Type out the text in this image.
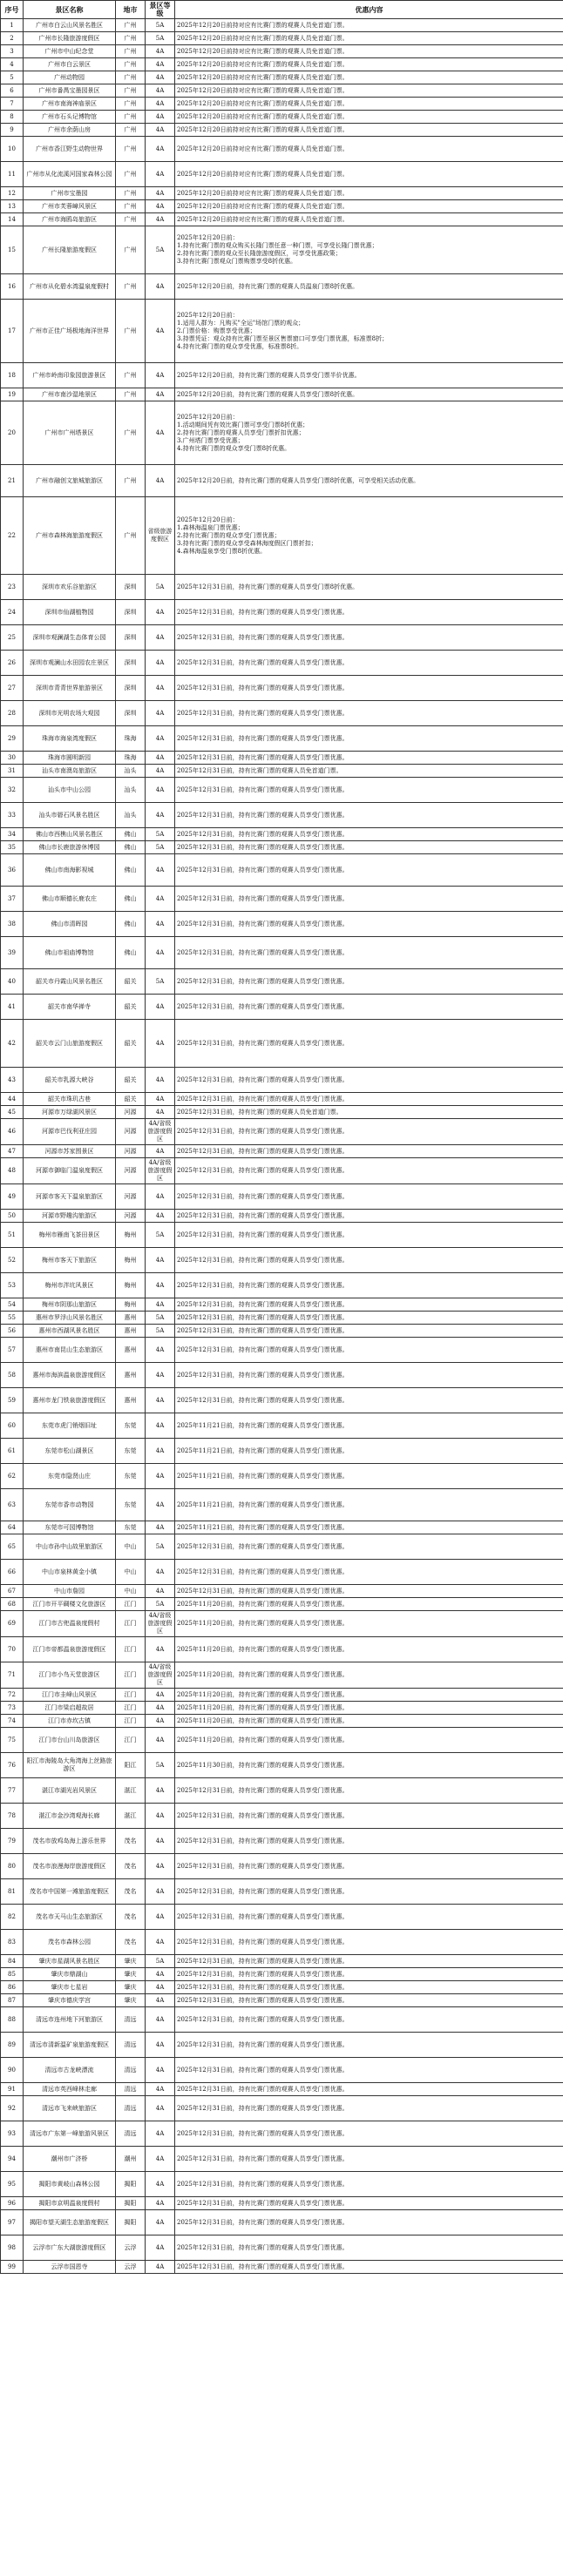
序号	景区名称	地市	景区等级	优惠内容
1	广州市白云山风景名胜区	广州	5A	2025年12月20日前持对应有比赛门票的观赛人员免首道门票。
2	广州市长隆旅游度假区	广州	5A	2025年12月20日前持对应有比赛门票的观赛人员免首道门票。
3	广州市中山纪念堂	广州	4A	2025年12月20日前持对应有比赛门票的观赛人员免首道门票。
4	广州市白云景区	广州	4A	2025年12月20日前持对应有比赛门票的观赛人员免首道门票。
5	广州动物园	广州	4A	2025年12月20日前持对应有比赛门票的观赛人员免首道门票。
6	广州市番禺宝墨园景区	广州	4A	2025年12月20日前持对应有比赛门票的观赛人员免首道门票。
7	广州市南海神庙景区	广州	4A	2025年12月20日前持对应有比赛门票的观赛人员免首道门票。
8	广州市石头记博物馆	广州	4A	2025年12月20日前持对应有比赛门票的观赛人员免首道门票。
9	广州市余荫山房	广州	4A	2025年12月20日前持对应有比赛门票的观赛人员免首道门票。
10	广州市香江野生动物世界	广州	4A	2025年12月20日前持对应有比赛门票的观赛人员免首道门票。
11	广州市从化流溪河国家森林公园	广州	4A	2025年12月20日前持对应有比赛门票的观赛人员免首道门票。
12	广州市宝墨园	广州	4A	2025年12月20日前持对应有比赛门票的观赛人员免首道门票。
13	广州市芙蓉嶂风景区	广州	4A	2025年12月20日前持对应有比赛门票的观赛人员免首道门票。
14	广州市海鸥岛旅游区	广州	4A	2025年12月20日前持对应有比赛门票的观赛人员免首道门票。
15	广州长隆旅游度假区	广州	5A	2025年12月20日前：
1.持有比赛门票的观众购买长隆门票任意一种门票，可享受长隆门票优惠；
2.持有比赛门票的观众至长隆旅游度假区，可享受优惠政策；
3.持有比赛门票观众门票购票享受8折优惠。
16	广州市从化碧水湾温泉度假村	广州	4A	2025年12月20日前，持有比赛门票的观赛人员温泉门票8折优惠。
17	广州市正佳广场极地海洋世界	广州	4A	2025年12月20日前：
1.适用人群为：凡购买"全运"场馆门票的观众；
2.门票价格：购票享受优惠；
3.持票凭证：观众持有比赛门票至景区售票窗口可享受门票优惠，标准票8折；
4.持有比赛门票的观众享受优惠，标准票8折。
18	广州市岭南印象园旅游景区	广州	4A	2025年12月20日前，持有比赛门票的观赛人员享受门票半价优惠。
19	广州市南沙湿地景区	广州	4A	2025年12月20日前，持有比赛门票的观赛人员享受门票8折优惠。
20	广州市广州塔景区	广州	4A	2025年12月20日前：
1.活动期间凭有效比赛门票可享受门票8折优惠；
2.持有比赛门票的观赛人员享受门票折扣优惠；
3.广州塔门票享受优惠；
4.持有比赛门票的观众享受门票8折优惠。
21	广州市融创文旅城旅游区	广州	4A	2025年12月20日前，持有比赛门票的观赛人员享受门票8折优惠，可享受相关活动优惠。
22	广州市森林海旅游度假区	广州	省级旅游度假区	2025年12月20日前：
1.森林海温泉门票优惠；
2.持有比赛门票的观众享受门票优惠；
3.持有比赛门票的观众享受森林海度假区门票折扣；
4.森林海温泉享受门票8折优惠。
23	深圳市欢乐谷旅游区	深圳	5A	2025年12月31日前，持有比赛门票的观赛人员享受门票8折优惠。
24	深圳市仙湖植物园	深圳	4A	2025年12月31日前，持有比赛门票的观赛人员享受门票优惠。
25	深圳市观澜湖生态体育公园	深圳	4A	2025年12月31日前，持有比赛门票的观赛人员享受门票优惠。
26	深圳市观澜山水田园农庄景区	深圳	4A	2025年12月31日前，持有比赛门票的观赛人员享受门票优惠。
27	深圳市青青世界旅游景区	深圳	4A	2025年12月31日前，持有比赛门票的观赛人员享受门票优惠。
28	深圳市光明农场大观园	深圳	4A	2025年12月31日前，持有比赛门票的观赛人员享受门票优惠。
29	珠海市海泉湾度假区	珠海	4A	2025年12月31日前，持有比赛门票的观赛人员享受门票优惠。
30	珠海市圆明新园	珠海	4A	2025年12月31日前，持有比赛门票的观赛人员享受门票优惠。
31	汕头市南澳岛旅游区	汕头	4A	2025年12月31日前，持有比赛门票的观赛人员免首道门票。
32	汕头市中山公园	汕头	4A	2025年12月31日前，持有比赛门票的观赛人员享受门票优惠。
33	汕头市礐石风景名胜区	汕头	4A	2025年12月31日前，持有比赛门票的观赛人员享受门票优惠。
34	佛山市西樵山风景名胜区	佛山	5A	2025年12月31日前，持有比赛门票的观赛人员享受门票优惠。
35	佛山市长鹿旅游休博园	佛山	5A	2025年12月31日前，持有比赛门票的观赛人员享受门票优惠。
36	佛山市南海影视城	佛山	4A	2025年12月31日前，持有比赛门票的观赛人员享受门票优惠。
37	佛山市顺德长鹿农庄	佛山	4A	2025年12月31日前，持有比赛门票的观赛人员享受门票优惠。
38	佛山市清晖园	佛山	4A	2025年12月31日前，持有比赛门票的观赛人员享受门票优惠。
39	佛山市祖庙博物馆	佛山	4A	2025年12月31日前，持有比赛门票的观赛人员享受门票优惠。
40	韶关市丹霞山风景名胜区	韶关	5A	2025年12月31日前，持有比赛门票的观赛人员享受门票优惠。
41	韶关市南华禅寺	韶关	4A	2025年12月31日前，持有比赛门票的观赛人员享受门票优惠。
42	韶关市云门山旅游度假区	韶关	4A	2025年12月31日前，持有比赛门票的观赛人员享受门票优惠。
43	韶关市乳源大峡谷	韶关	4A	2025年12月31日前，持有比赛门票的观赛人员享受门票优惠。
44	韶关市珠玑古巷	韶关	4A	2025年12月31日前，持有比赛门票的观赛人员享受门票优惠。
45	河源市万绿湖风景区	河源	4A	2025年12月31日前，持有比赛门票的观赛人员免首道门票。
46	河源市巴伐利亚庄园	河源	4A/省级旅游度假区	2025年12月31日前，持有比赛门票的观赛人员享受门票优惠。
47	河源市苏家围景区	河源	4A	2025年12月31日前，持有比赛门票的观赛人员享受门票优惠。
48	河源市御临门温泉度假区	河源	4A/省级旅游度假区	2025年12月31日前，持有比赛门票的观赛人员享受门票优惠。
49	河源市客天下温泉旅游区	河源	4A	2025年12月31日前，持有比赛门票的观赛人员享受门票优惠。
50	河源市野趣沟旅游区	河源	4A	2025年12月31日前，持有比赛门票的观赛人员享受门票优惠。
51	梅州市雁南飞茶田景区	梅州	5A	2025年12月31日前，持有比赛门票的观赛人员享受门票优惠。
52	梅州市客天下旅游区	梅州	4A	2025年12月31日前，持有比赛门票的观赛人员享受门票优惠。
53	梅州市泮坑风景区	梅州	4A	2025年12月31日前，持有比赛门票的观赛人员享受门票优惠。
54	梅州市阴那山旅游区	梅州	4A	2025年12月31日前，持有比赛门票的观赛人员享受门票优惠。
55	惠州市罗浮山风景名胜区	惠州	5A	2025年12月31日前，持有比赛门票的观赛人员享受门票优惠。
56	惠州市西湖风景名胜区	惠州	5A	2025年12月31日前，持有比赛门票的观赛人员享受门票优惠。
57	惠州市南昆山生态旅游区	惠州	4A	2025年12月31日前，持有比赛门票的观赛人员享受门票优惠。
58	惠州市海滨温泉旅游度假区	惠州	4A	2025年12月31日前，持有比赛门票的观赛人员享受门票优惠。
59	惠州市龙门铁泉旅游度假区	惠州	4A	2025年12月31日前，持有比赛门票的观赛人员享受门票优惠。
60	东莞市虎门销烟旧址	东莞	4A	2025年11月21日前，持有比赛门票的观赛人员享受门票优惠。
61	东莞市松山湖景区	东莞	4A	2025年11月21日前，持有比赛门票的观赛人员享受门票优惠。
62	东莞市隐贤山庄	东莞	4A	2025年11月21日前，持有比赛门票的观赛人员享受门票优惠。
63	东莞市香市动物园	东莞	4A	2025年11月21日前，持有比赛门票的观赛人员享受门票优惠。
64	东莞市可园博物馆	东莞	4A	2025年11月21日前，持有比赛门票的观赛人员享受门票优惠。
65	中山市孙中山故里旅游区	中山	5A	2025年12月31日前，持有比赛门票的观赛人员享受门票优惠。
66	中山市泉林黄金小镇	中山	4A	2025年12月31日前，持有比赛门票的观赛人员享受门票优惠。
67	中山市詹园	中山	4A	2025年12月31日前，持有比赛门票的观赛人员享受门票优惠。
68	江门市开平碉楼文化旅游区	江门	5A	2025年11月20日前，持有比赛门票的观赛人员享受门票优惠。
69	江门市古兜温泉度假村	江门	4A/省级旅游度假区	2025年11月20日前，持有比赛门票的观赛人员享受门票优惠。
70	江门市帝都温泉旅游度假区	江门	4A	2025年11月20日前，持有比赛门票的观赛人员享受门票优惠。
71	江门市小鸟天堂旅游区	江门	4A/省级旅游度假区	2025年11月20日前，持有比赛门票的观赛人员享受门票优惠。
72	江门市圭峰山风景区	江门	4A	2025年11月20日前，持有比赛门票的观赛人员享受门票优惠。
73	江门市梁启超故居	江门	4A	2025年11月20日前，持有比赛门票的观赛人员享受门票优惠。
74	江门市赤坎古镇	江门	4A	2025年11月20日前，持有比赛门票的观赛人员享受门票优惠。
75	江门市台山川岛旅游区	江门	4A	2025年11月20日前，持有比赛门票的观赛人员享受门票优惠。
76	阳江市海陵岛大角湾海上丝路旅游区	阳江	5A	2025年11月30日前，持有比赛门票的观赛人员享受门票优惠。
77	湛江市湖光岩风景区	湛江	4A	2025年12月31日前，持有比赛门票的观赛人员享受门票优惠。
78	湛江市金沙湾观海长廊	湛江	4A	2025年12月31日前，持有比赛门票的观赛人员享受门票优惠。
79	茂名市放鸡岛海上游乐世界	茂名	4A	2025年12月31日前，持有比赛门票的观赛人员享受门票优惠。
80	茂名市浪漫海岸旅游度假区	茂名	4A	2025年12月31日前，持有比赛门票的观赛人员享受门票优惠。
81	茂名市中国第一滩旅游度假区	茂名	4A	2025年12月31日前，持有比赛门票的观赛人员享受门票优惠。
82	茂名市天马山生态旅游区	茂名	4A	2025年12月31日前，持有比赛门票的观赛人员享受门票优惠。
83	茂名市森林公园	茂名	4A	2025年12月31日前，持有比赛门票的观赛人员享受门票优惠。
84	肇庆市星湖风景名胜区	肇庆	5A	2025年12月31日前，持有比赛门票的观赛人员享受门票优惠。
85	肇庆市鼎湖山	肇庆	4A	2025年12月31日前，持有比赛门票的观赛人员享受门票优惠。
86	肇庆市七星岩	肇庆	4A	2025年12月31日前，持有比赛门票的观赛人员享受门票优惠。
87	肇庆市德庆学宫	肇庆	4A	2025年12月31日前，持有比赛门票的观赛人员享受门票优惠。
88	清远市连州地下河旅游区	清远	4A	2025年12月31日前，持有比赛门票的观赛人员享受门票优惠。
89	清远市清新温矿泉旅游度假区	清远	4A	2025年12月31日前，持有比赛门票的观赛人员享受门票优惠。
90	清远市古龙峡漂流	清远	4A	2025年12月31日前，持有比赛门票的观赛人员享受门票优惠。
91	清远市英西峰林走廊	清远	4A	2025年12月31日前，持有比赛门票的观赛人员享受门票优惠。
92	清远市飞来峡旅游区	清远	4A	2025年12月31日前，持有比赛门票的观赛人员享受门票优惠。
93	清远市广东第一峰旅游风景区	清远	4A	2025年12月31日前，持有比赛门票的观赛人员享受门票优惠。
94	潮州市广济桥	潮州	4A	2025年12月31日前，持有比赛门票的观赛人员享受门票优惠。
95	揭阳市黄岐山森林公园	揭阳	4A	2025年12月31日前，持有比赛门票的观赛人员享受门票优惠。
96	揭阳市京明温泉度假村	揭阳	4A	2025年12月31日前，持有比赛门票的观赛人员享受门票优惠。
97	揭阳市望天湖生态旅游度假区	揭阳	4A	2025年12月31日前，持有比赛门票的观赛人员享受门票优惠。
98	云浮市广东大湖旅游度假区	云浮	4A	2025年12月31日前，持有比赛门票的观赛人员享受门票优惠。
99	云浮市国恩寺	云浮	4A	2025年12月31日前，持有比赛门票的观赛人员享受门票优惠。
